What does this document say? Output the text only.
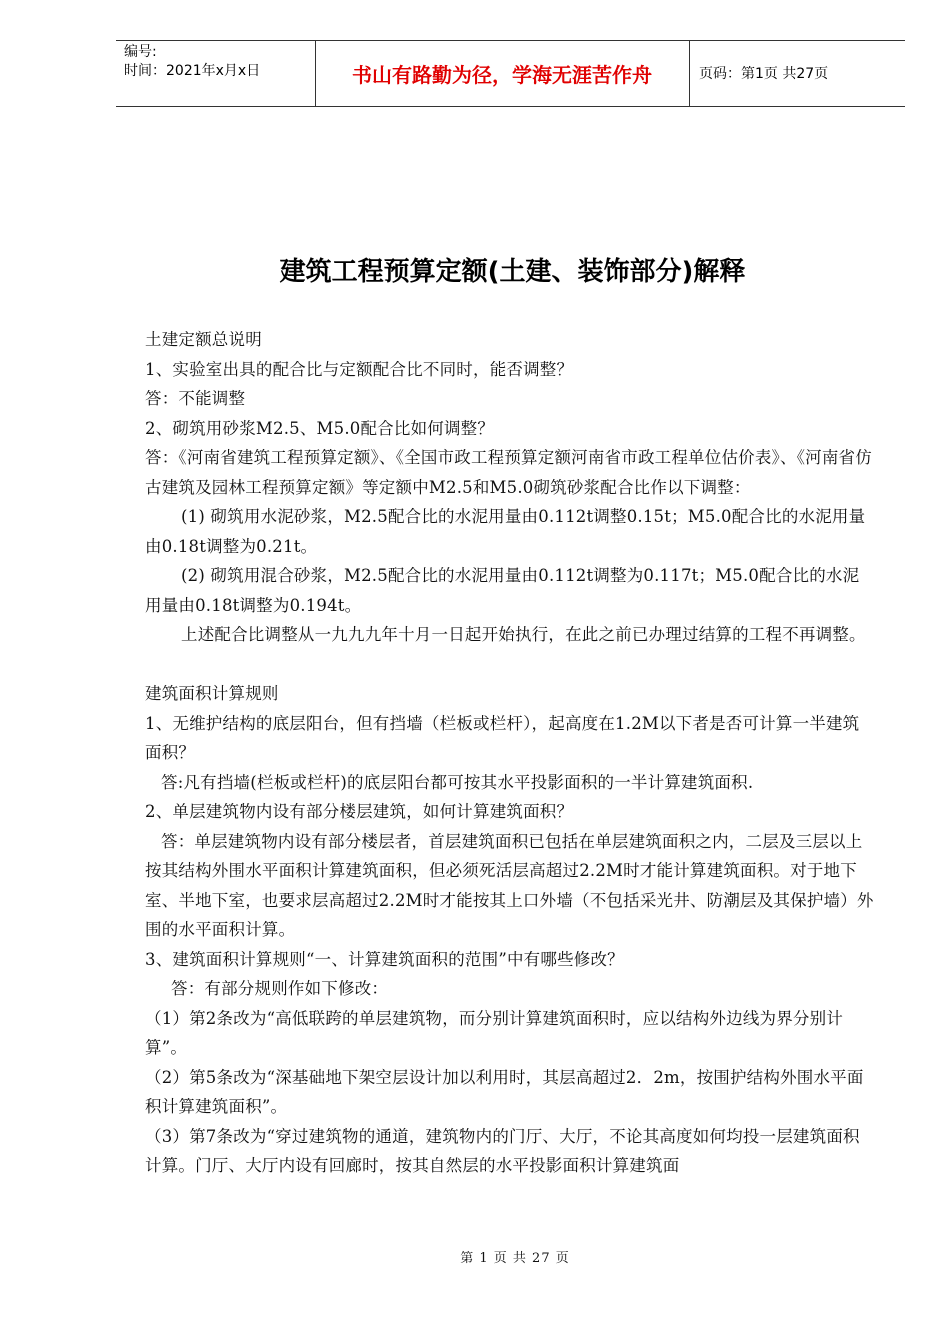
编号:
时间：2021年x月x日	书山有路勤为径，学海无涯苦作舟	页码：第1页 共27页
建筑工程预算定额(土建、装饰部分)解释

土建定额总说明

1、实验室出具的配合比与定额配合比不同时，能否调整？

答：不能调整

2、砌筑用砂浆M2.5、M5.0配合比如何调整？

答：《河南省建筑工程预算定额》、《全国市政工程预算定额河南省市政工程单位估价表》、《河南省仿古建筑及园林工程预算定额》等定额中M2.5和M5.0砌筑砂浆配合比作以下调整：

(1) 砌筑用水泥砂浆，M2.5配合比的水泥用量由0.112t调整0.15t；M5.0配合比的水泥用量由0.18t调整为0.21t。

(2) 砌筑用混合砂浆，M2.5配合比的水泥用量由0.112t调整为0.117t；M5.0配合比的水泥用量由0.18t调整为0.194t。

上述配合比调整从一九九九年十月一日起开始执行，在此之前已办理过结算的工程不再调整。

建筑面积计算规则

1、无维护结构的底层阳台，但有挡墙（栏板或栏杆），起高度在1.2M以下者是否可计算一半建筑面积？

答:凡有挡墙(栏板或栏杆)的底层阳台都可按其水平投影面积的一半计算建筑面积.

2、单层建筑物内设有部分楼层建筑，如何计算建筑面积？

答：单层建筑物内设有部分楼层者，首层建筑面积已包括在单层建筑面积之内，二层及三层以上按其结构外围水平面积计算建筑面积，但必须死活层高超过2.2M时才能计算建筑面积。对于地下室、半地下室，也要求层高超过2.2M时才能按其上口外墙（不包括采光井、防潮层及其保护墙）外围的水平面积计算。

3、建筑面积计算规则“一、计算建筑面积的范围”中有哪些修改？

答：有部分规则作如下修改：

（1）第2条改为“高低联跨的单层建筑物，而分别计算建筑面积时，应以结构外边线为界分别计算”。

（2）第5条改为“深基础地下架空层设计加以利用时，其层高超过2．2m，按围护结构外围水平面积计算建筑面积”。

（3）第7条改为“穿过建筑物的通道，建筑物内的门厅、大厅，不论其高度如何均投一层建筑面积计算。门厅、大厅内设有回廊时，按其自然层的水平投影面积计算建筑面

第 1 页 共 27 页
